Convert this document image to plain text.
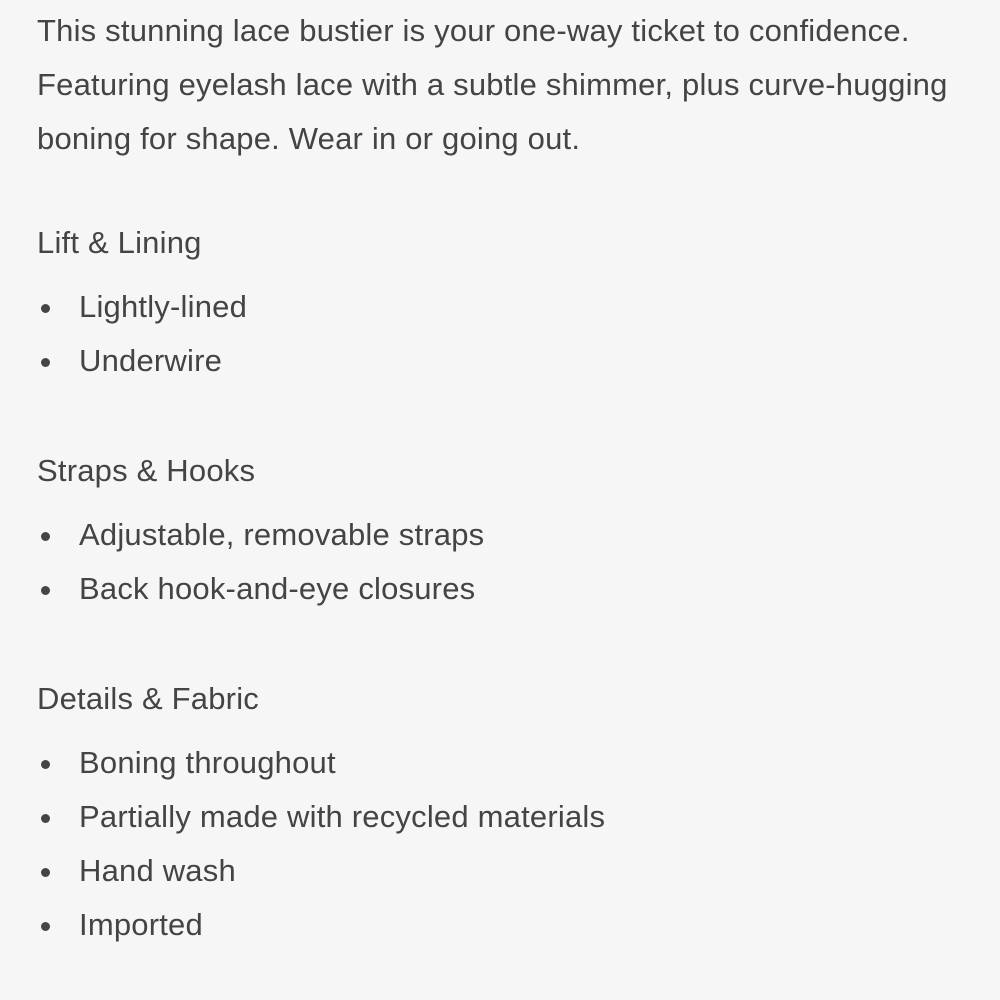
This stunning lace bustier is your one-way ticket to confidence. Featuring eyelash lace with a subtle shimmer, plus curve-hugging boning for shape. Wear in or going out.

Lift & Lining
Lightly-lined
Underwire
Straps & Hooks
Adjustable, removable straps
Back hook-and-eye closures
Details & Fabric
Boning throughout
Partially made with recycled materials
Hand wash
Imported
